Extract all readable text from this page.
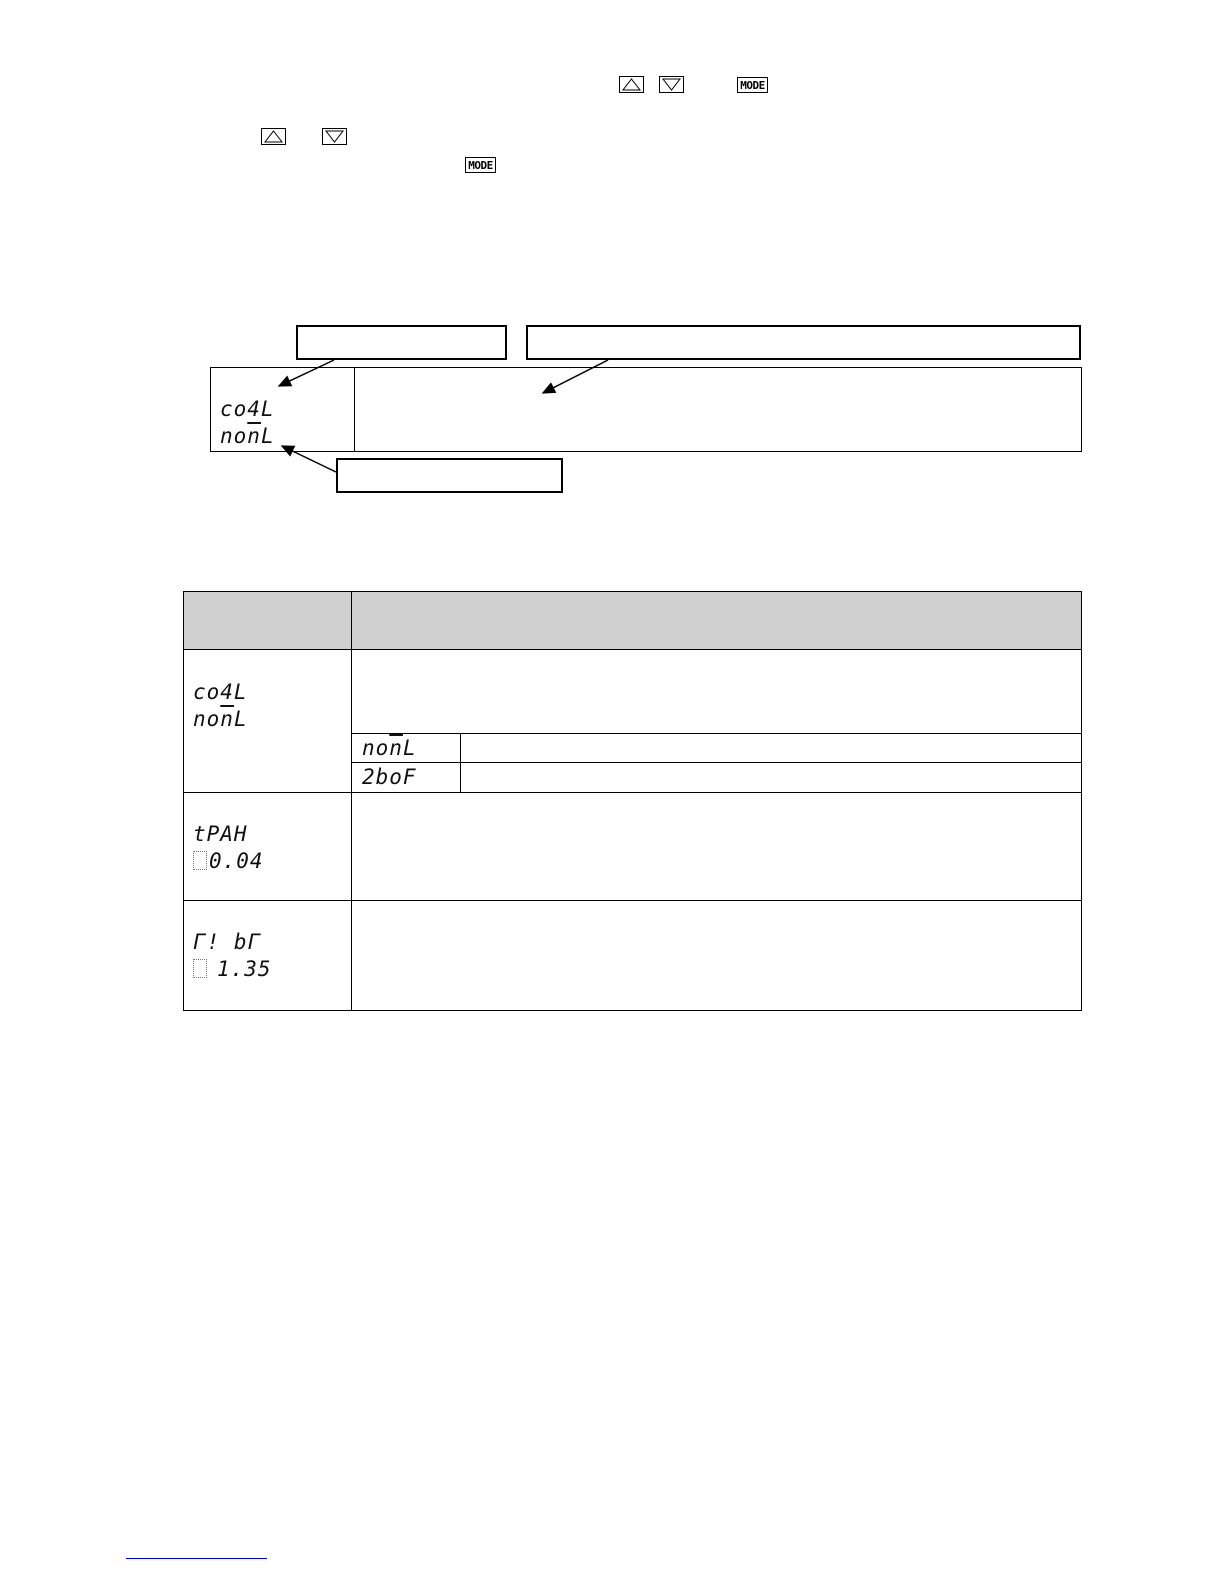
MODE
MODE
co4L
$no\overline{n}L$
co4L
$no\overline{n}L$
$no\overline{n}L$
2boF
tPAH
0.04
Γ! bΓ
1.35
